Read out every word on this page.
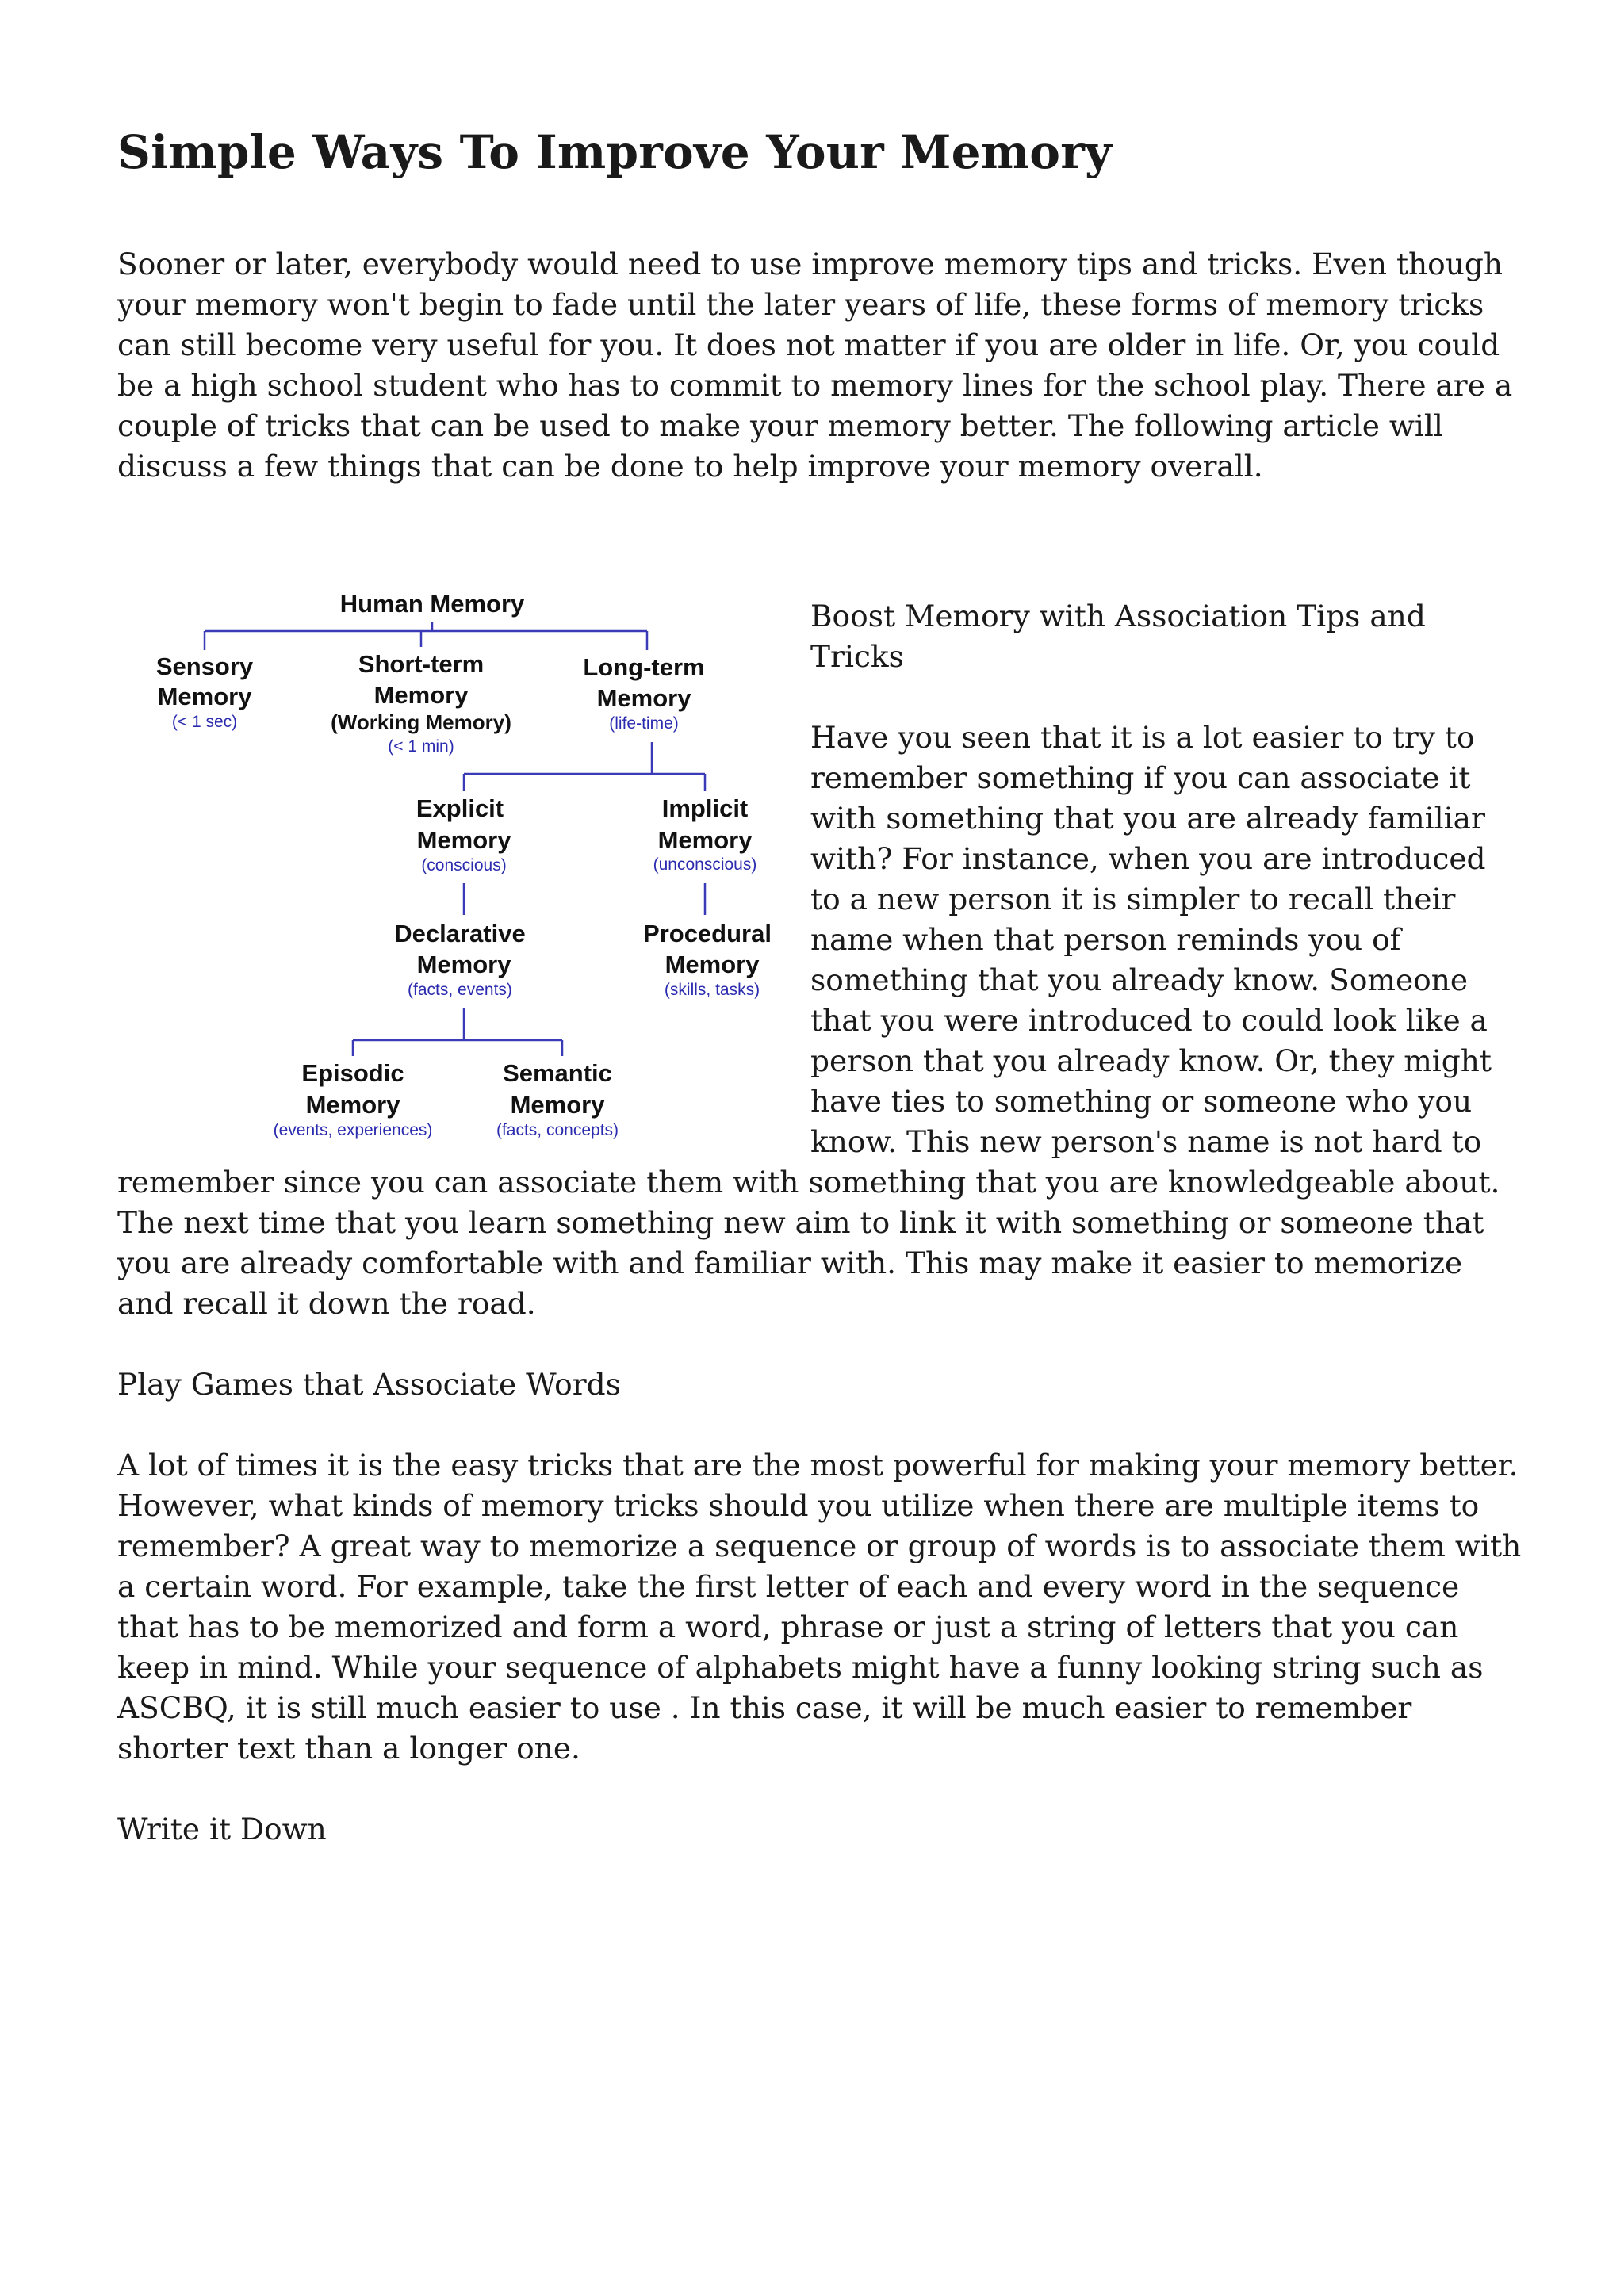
Simple Ways To Improve Your Memory

Sooner or later, everybody would need to use improve memory tips and tricks. Even though your memory won't begin to fade until the later years of life, these forms of memory tricks can still become very useful for you. It does not matter if you are older in life. Or, you could be a high school student who has to commit to memory lines for the school play. There are a couple of tricks that can be used to make your memory better. The following article will discuss a few things that can be done to help improve your memory overall.

Human Memory
Sensory
Memory
(< 1 sec)
Short-term
Memory
(Working Memory)
(< 1 min)
Long-term
Memory
(life-time)
Explicit
Memory
(conscious)
Implicit
Memory
(unconscious)
Declarative
Memory
(facts, events)
Procedural
Memory
(skills, tasks)
Episodic
Memory
(events, experiences)
Semantic
Memory
(facts, concepts)

Boost Memory with Association Tips and Tricks

Have you seen that it is a lot easier to try to remember something if you can associate it with something that you are already familiar with? For instance, when you are introduced to a new person it is simpler to recall their name when that person reminds you of something that you already know. Someone that you were introduced to could look like a person that you already know. Or, they might have ties to something or someone who you know. This new person's name is not hard to remember since you can associate them with something that you are knowledgeable about. The next time that you learn something new aim to link it with something or someone that you are already comfortable with and familiar with. This may make it easier to memorize and recall it down the road.

Play Games that Associate Words

A lot of times it is the easy tricks that are the most powerful for making your memory better. However, what kinds of memory tricks should you utilize when there are multiple items to remember? A great way to memorize a sequence or group of words is to associate them with a certain word. For example, take the first letter of each and every word in the sequence that has to be memorized and form a word, phrase or just a string of letters that you can keep in mind. While your sequence of alphabets might have a funny looking string such as ASCBQ, it is still much easier to use . In this case, it will be much easier to remember shorter text than a longer one.

Write it Down
